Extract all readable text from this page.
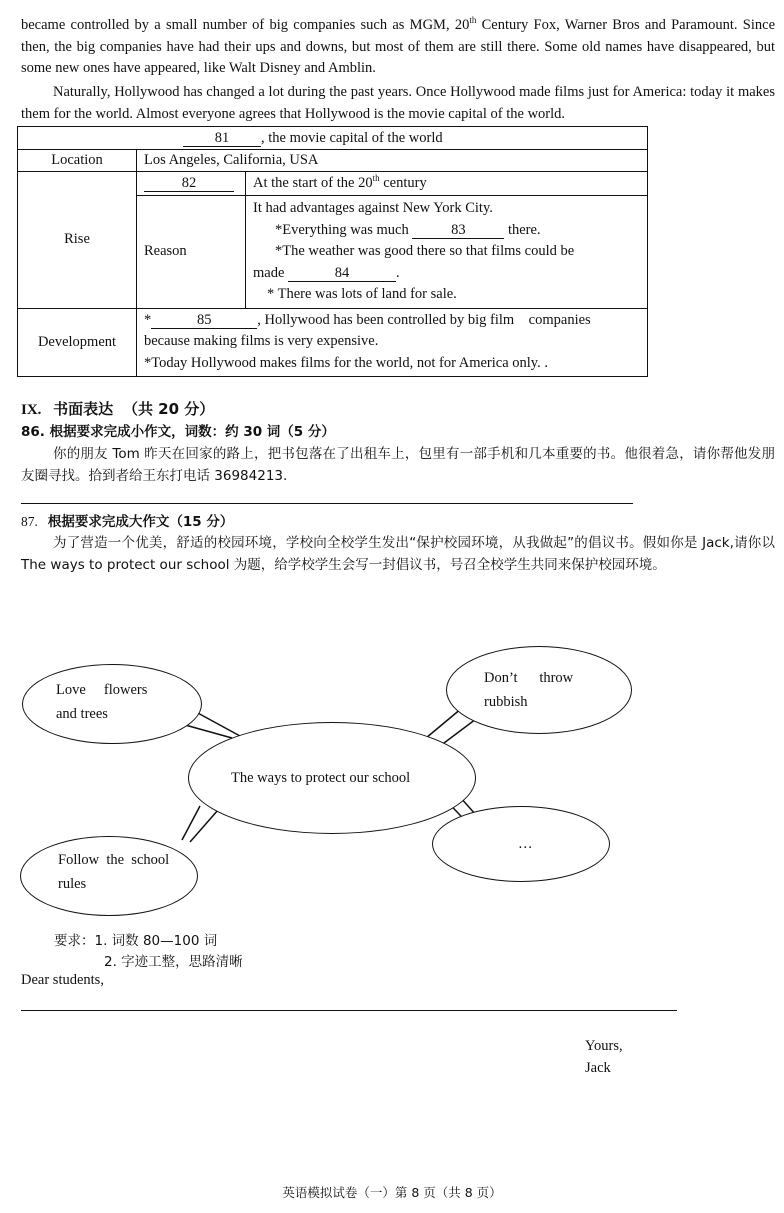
became controlled by a small number of big companies such as MGM, 20th Century Fox, Warner Bros and Paramount. Since then, the big companies have had their ups and downs, but most of them are still there. Some old names have disappeared, but some new ones have appeared, like Walt Disney and Amblin.

Naturally, Hollywood has changed a lot during the past years. Once Hollywood made films just for America: today it makes them for the world. Almost everyone agrees that Hollywood is the movie capital of the world.

81 , the movie capital of the world		
Location	Los Angeles, California, USA	
Rise	82	At the start of the 20th century
	Reason	It had advantages against New York City.
*Everything was much 83 there.
*The weather was good there so that films could be
made 84 .
* There was lots of land for sale.

Development	* 85 , Hollywood has been controlled by big film    companies
because making films is very expensive.
*Today Hollywood makes films for the world, not for America only. .	
IX. 书面表达 （共 20 分）
86. 根据要求完成小作文，词数：约 30 词（5 分）

你的朋友 Tom 昨天在回家的路上，把书包落在了出租车上，包里有一部手机和几本重要的书。他很着急，请你帮他发朋友圈寻找。拾到者给王东打电话 36984213.

87. 根据要求完成大作文（15 分）

为了营造一个优美，舒适的校园环境，学校向全校学生发出“保护校园环境，从我做起”的倡议书。假如你是 Jack,请你以 The ways to protect our school 为题，给学校学生会写一封倡议书，号召全校学生共同来保护校园环境。

Love     flowers
and trees
Don’t      throw
rubbish
The ways to protect our school
Follow  the  school
rules
…
要求：1. 词数 80—100 词
2. 字迹工整，思路清晰
Dear students,
Yours,
Jack
英语模拟试卷（一）第 8 页（共 8 页）
